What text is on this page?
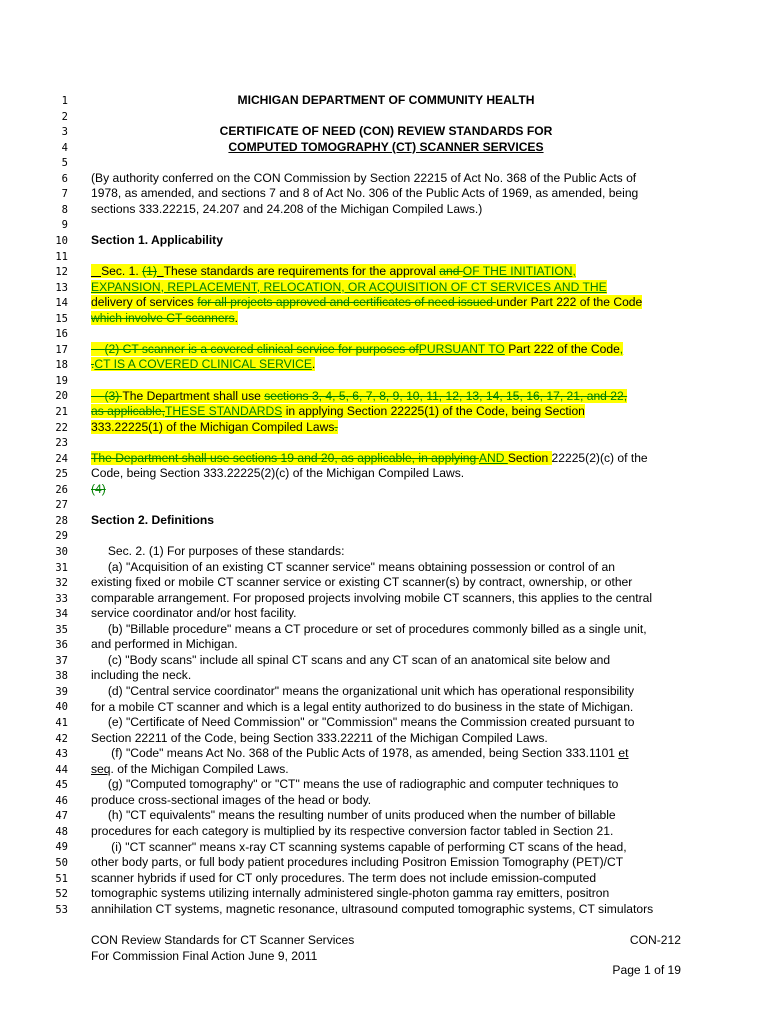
1
2
3
4
5
6
7
8
9
10
11
12
13
14
15
16
17
18
19
20
21
22
23
24
25
26
27
28
29
30
31
32
33
34
35
36
37
38
39
40
41
42
43
44
45
46
47
48
49
50
51
52
53
MICHIGAN DEPARTMENT OF COMMUNITY HEALTH
CERTIFICATE OF NEED (CON) REVIEW STANDARDS FOR
COMPUTED TOMOGRAPHY (CT) SCANNER SERVICES
(By authority conferred on the CON Commission by Section 22215 of Act No. 368 of the Public Acts of
1978, as amended, and sections 7 and 8 of Act No. 306 of the Public Acts of 1969, as amended, being
sections 333.22215, 24.207 and 24.208 of the Michigan Compiled Laws.)
Section 1. Applicability
Sec. 1. (1) These standards are requirements for the approval and OF THE INITIATION,
EXPANSION, REPLACEMENT, RELOCATION, OR ACQUISITION OF CT SERVICES AND THE
delivery of services for all projects approved and certificates of need issued under Part 222 of the Code
which involve CT scanners.
(2) CT scanner is a covered clinical service for purposes ofPURSUANT TO Part 222 of the Code,
.CT IS A COVERED CLINICAL SERVICE.
(3) The Department shall use sections 3, 4, 5, 6, 7, 8, 9, 10, 11, 12, 13, 14, 15, 16, 17, 21, and 22,
as applicable,THESE STANDARDS in applying Section 22225(1) of the Code, being Section
333.22225(1) of the Michigan Compiled Laws.
The Department shall use sections 19 and 20, as applicable, in applying AND Section 22225(2)(c) of the
Code, being Section 333.22225(2)(c) of the Michigan Compiled Laws.
(4)
Section 2. Definitions
Sec. 2. (1) For purposes of these standards:
(a) "Acquisition of an existing CT scanner service" means obtaining possession or control of an
existing fixed or mobile CT scanner service or existing CT scanner(s) by contract, ownership, or other
comparable arrangement. For proposed projects involving mobile CT scanners, this applies to the central
service coordinator and/or host facility.
(b) "Billable procedure" means a CT procedure or set of procedures commonly billed as a single unit,
and performed in Michigan.
(c) "Body scans" include all spinal CT scans and any CT scan of an anatomical site below and
including the neck.
(d) "Central service coordinator" means the organizational unit which has operational responsibility
for a mobile CT scanner and which is a legal entity authorized to do business in the state of Michigan.
(e) "Certificate of Need Commission" or "Commission" means the Commission created pursuant to
Section 22211 of the Code, being Section 333.22211 of the Michigan Compiled Laws.
(f) "Code" means Act No. 368 of the Public Acts of 1978, as amended, being Section 333.1101 et
seq. of the Michigan Compiled Laws.
(g) "Computed tomography" or "CT" means the use of radiographic and computer techniques to
produce cross-sectional images of the head or body.
(h) "CT equivalents" means the resulting number of units produced when the number of billable
procedures for each category is multiplied by its respective conversion factor tabled in Section 21.
(i) "CT scanner" means x-ray CT scanning systems capable of performing CT scans of the head,
other body parts, or full body patient procedures including Positron Emission Tomography (PET)/CT
scanner hybrids if used for CT only procedures. The term does not include emission-computed
tomographic systems utilizing internally administered single-photon gamma ray emitters, positron
annihilation CT systems, magnetic resonance, ultrasound computed tomographic systems, CT simulators
CON Review Standards for CT Scanner Services
For Commission Final Action June 9, 2011
CON-212
Page 1 of 19
